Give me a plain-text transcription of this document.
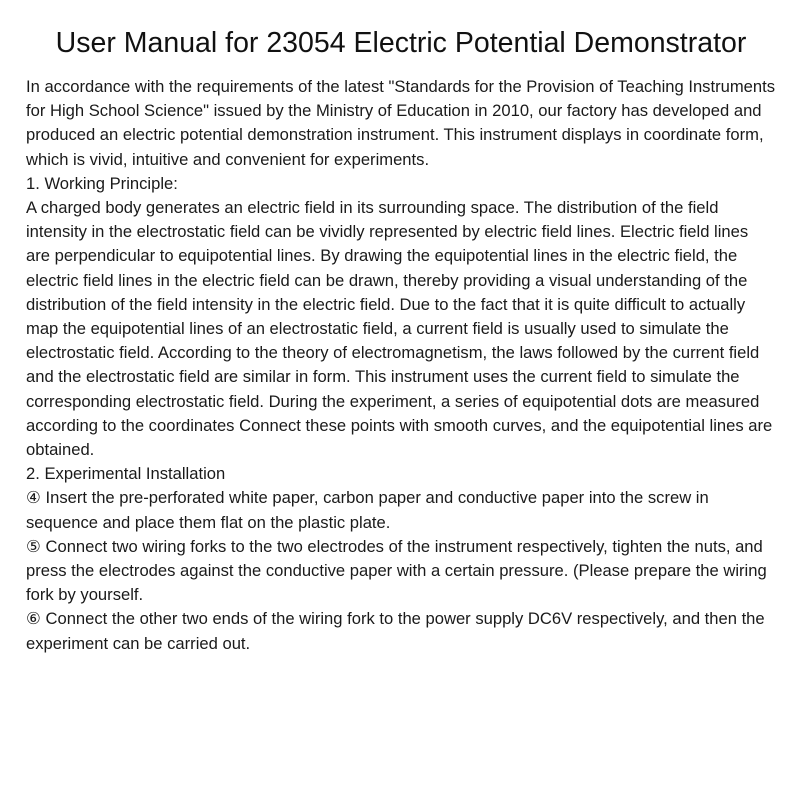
User Manual for 23054 Electric Potential Demonstrator

In accordance with the requirements of the latest "Standards for the Provision of Teaching Instruments for High School Science" issued by the Ministry of Education in 2010, our factory has developed and produced an electric potential demonstration instrument. This instrument displays in coordinate form, which is vivid, intuitive and convenient for experiments.

1. Working Principle:

A charged body generates an electric field in its surrounding space. The distribution of the field intensity in the electrostatic field can be vividly represented by electric field lines. Electric field lines are perpendicular to equipotential lines. By drawing the equipotential lines in the electric field, the electric field lines in the electric field can be drawn, thereby providing a visual understanding of the distribution of the field intensity in the electric field. Due to the fact that it is quite difficult to actually map the equipotential lines of an electrostatic field, a current field is usually used to simulate the electrostatic field. According to the theory of electromagnetism, the laws followed by the current field and the electrostatic field are similar in form. This instrument uses the current field to simulate the corresponding electrostatic field. During the experiment, a series of equipotential dots are measured according to the coordinates Connect these points with smooth curves, and the equipotential lines are obtained.

2. Experimental Installation

④ Insert the pre-perforated white paper, carbon paper and conductive paper into the screw in sequence and place them flat on the plastic plate.

⑤ Connect two wiring forks to the two electrodes of the instrument respectively, tighten the nuts, and press the electrodes against the conductive paper with a certain pressure. (Please prepare the wiring fork by yourself.

⑥ Connect the other two ends of the wiring fork to the power supply DC6V respectively, and then the experiment can be carried out.
